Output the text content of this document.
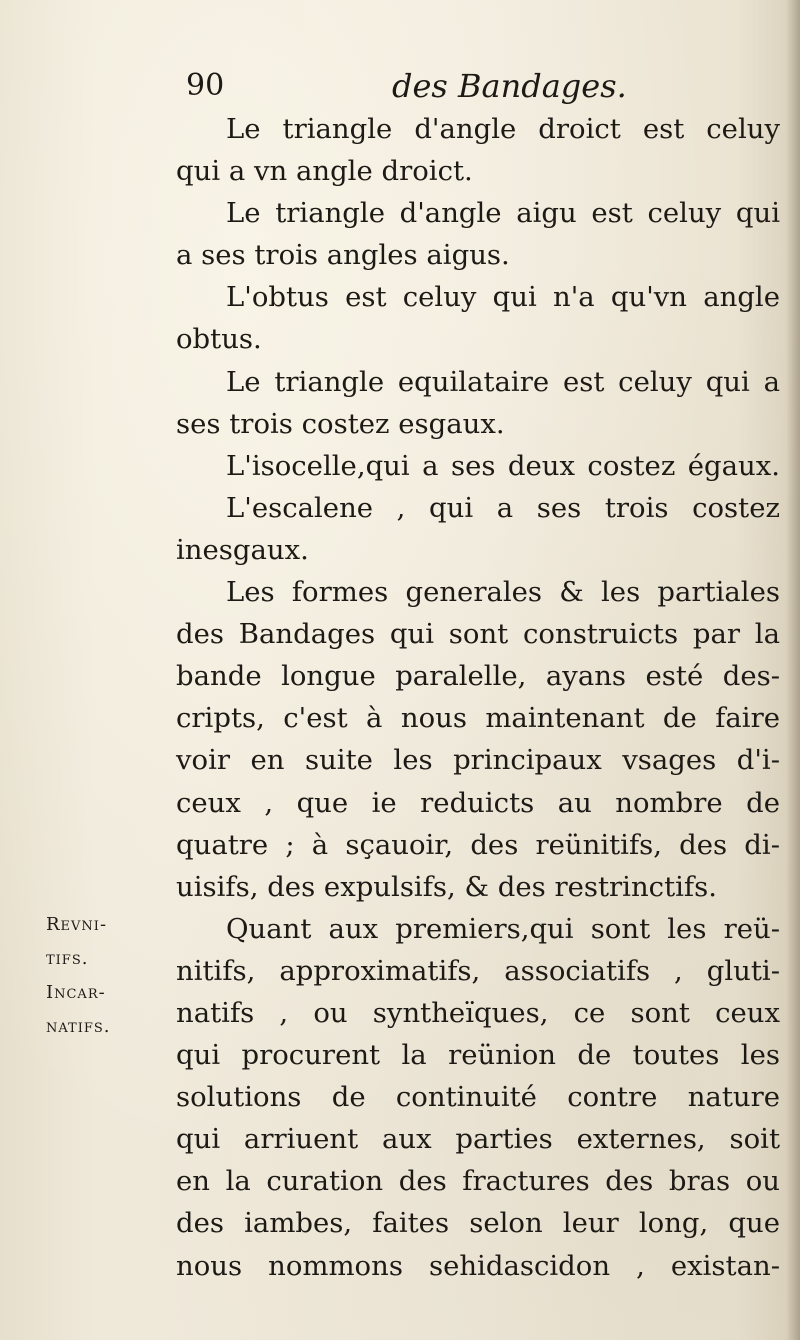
90	des Bandages.
Le triangle d'angle droict est celuy
qui a vn angle droict.
Le triangle d'angle aigu est celuy qui
a ses trois angles aigus.
L'obtus est celuy qui n'a qu'vn angle
obtus.
Le triangle equilataire est celuy qui a
ses trois costez esgaux.
L'isocelle,qui a ses deux costez égaux.
L'escalene , qui a ses trois costez
inesgaux.
Les formes generales & les partiales
des Bandages qui sont construicts par la
bande longue paralelle, ayans esté des-
cripts, c'est à nous maintenant de faire
voir en suite les principaux vsages d'i-
ceux , que ie reduicts au nombre de
quatre ; à sçauoir, des reünitifs, des di-
uisifs, des expulsifs, & des restrinctifs.
Quant aux premiers,qui sont les reü-
nitifs, approximatifs, associatifs , gluti-
natifs , ou syntheïques, ce sont ceux
qui procurent la reünion de toutes les
solutions de continuité contre nature
qui arriuent aux parties externes, soit
en la curation des fractures des bras ou
des iambes, faites selon leur long, que
nous nommons sehidascidon , existan-
Revni-
tifs.
Incar-
natifs.
